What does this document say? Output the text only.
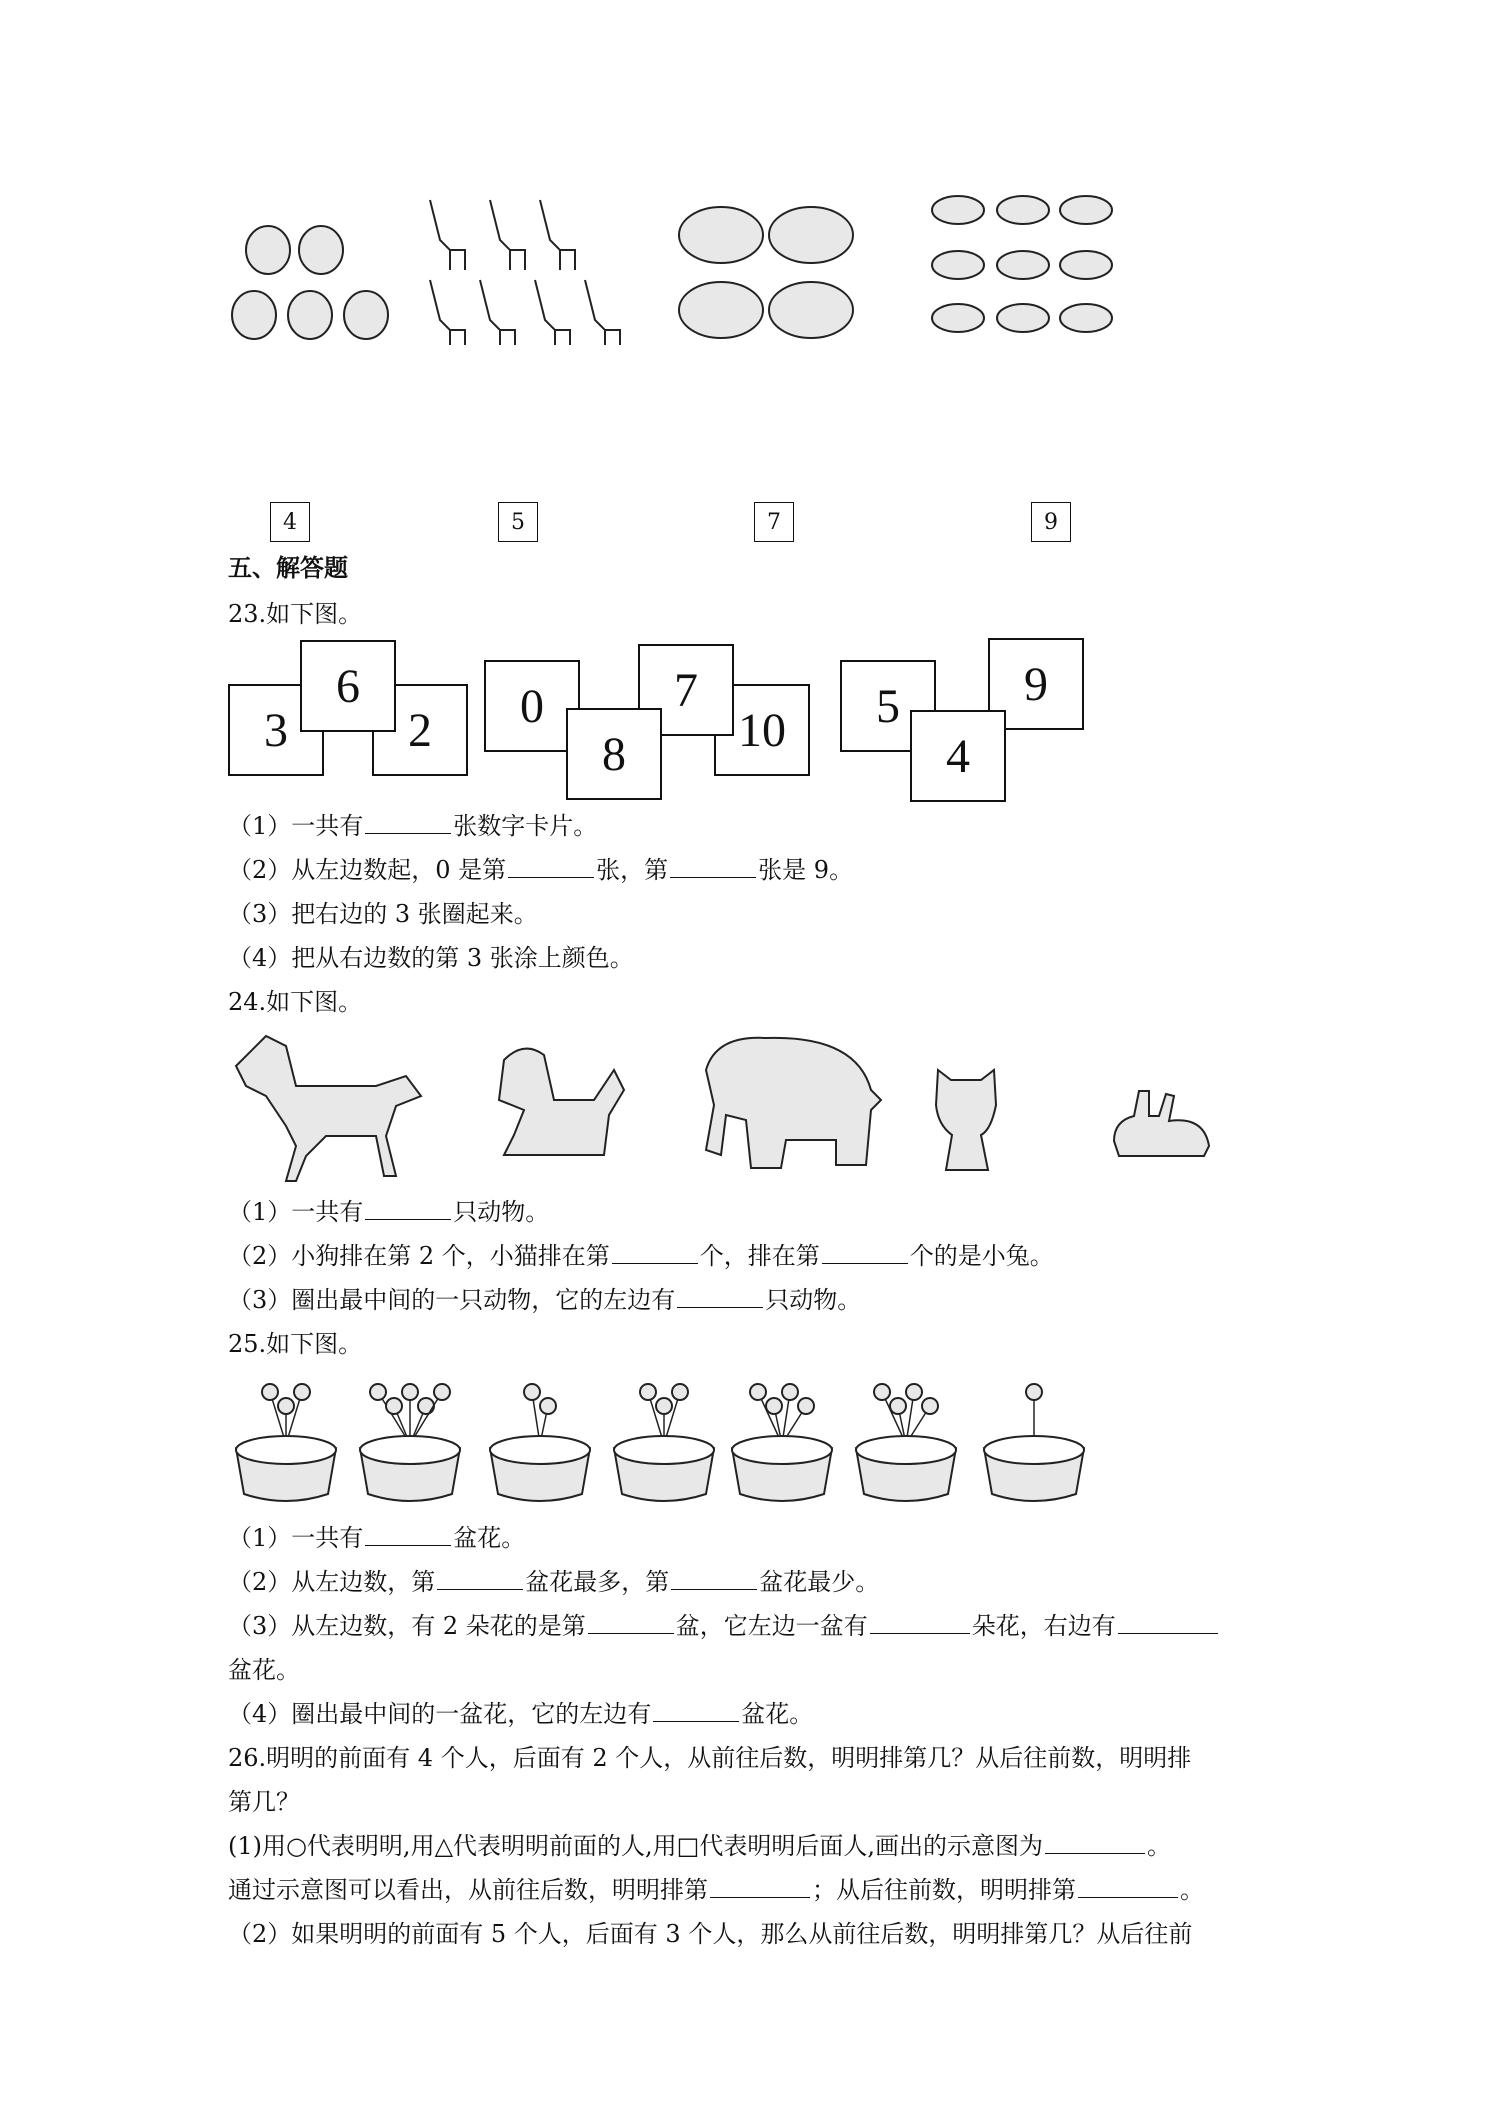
4	5	7	9
五、解答题
23.如下图。
3	2
6	0	10
7
8
5	9
4
（1）一共有	张数字卡片。
（2）从左边数起，0 是第	张，第	张是 9。
（3）把右边的 3 张圈起来。
（4）把从右边数的第 3 张涂上颜色。
24.如下图。
（1）一共有	只动物。
（2）小狗排在第 2 个，小猫排在第	个，排在第	个的是小兔。
（3）圈出最中间的一只动物，它的左边有	只动物。
25.如下图。
（1）一共有	盆花。
（2）从左边数，第	盆花最多，第	盆花最少。
（3）从左边数，有 2 朵花的是第	盆，它左边一盆有	朵花，右边有
盆花。
（4）圈出最中间的一盆花，它的左边有	盆花。
26.明明的前面有 4 个人，后面有 2 个人，从前往后数，明明排第几？从后往前数，明明排
第几？
(1)用○代表明明,用△代表明明前面的人,用□代表明明后面人,画出的示意图为	。
通过示意图可以看出，从前往后数，明明排第	；从后往前数，明明排第	。
（2）如果明明的前面有 5 个人，后面有 3 个人，那么从前往后数，明明排第几？从后往前
